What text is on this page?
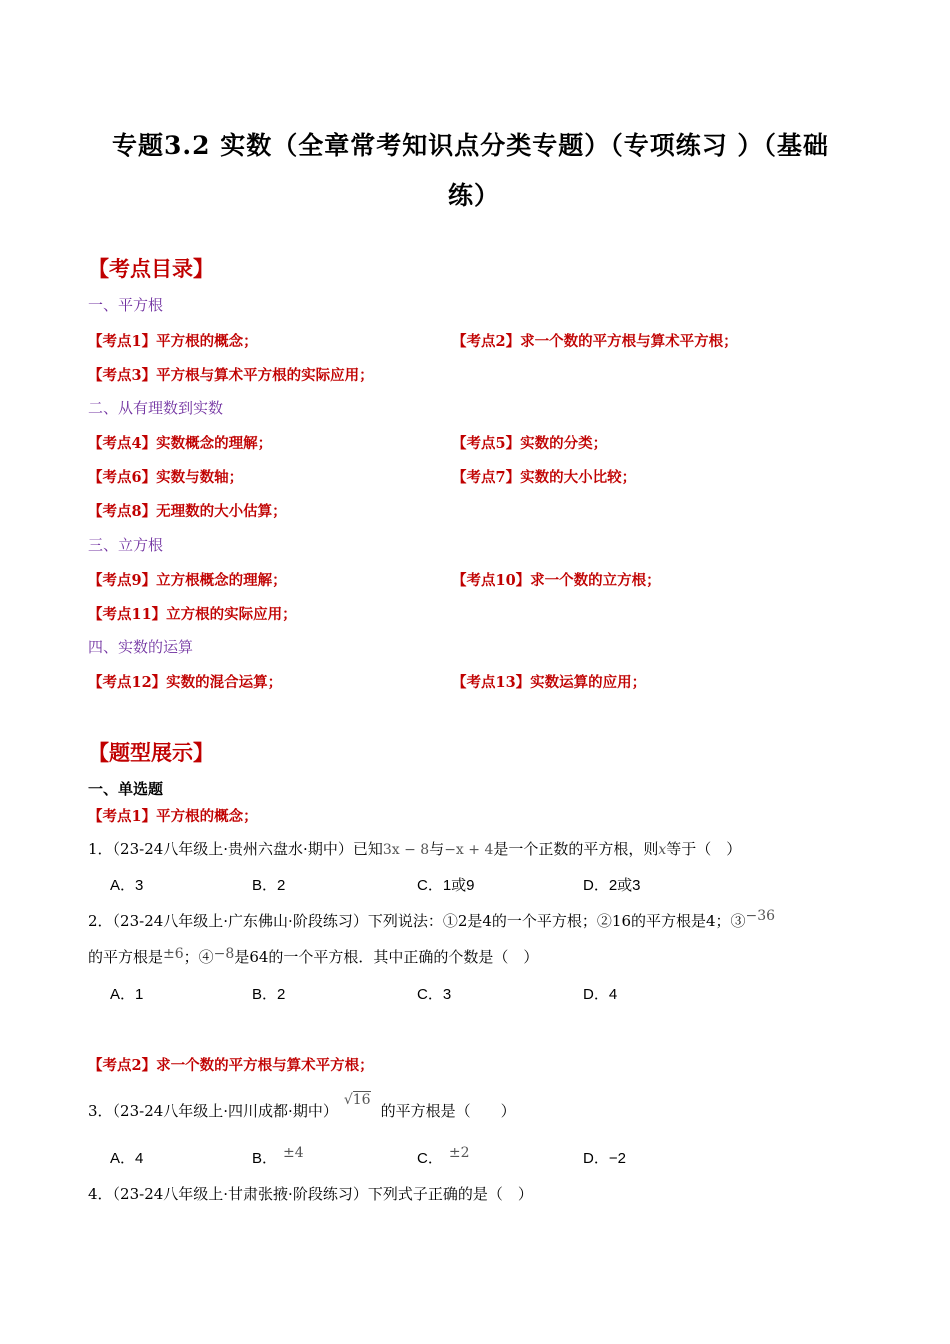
专题3.2 实数（全章常考知识点分类专题）（专项练习 ）（基础
练）
【考点目录】
一、平方根
【考点1】平方根的概念；	【考点2】求一个数的平方根与算术平方根；
【考点3】平方根与算术平方根的实际应用；
二、从有理数到实数
【考点4】实数概念的理解；	【考点5】实数的分类；
【考点6】实数与数轴；	【考点7】实数的大小比较；
【考点8】无理数的大小估算；
三、立方根
【考点9】立方根概念的理解；	【考点10】求一个数的立方根；
【考点11】立方根的实际应用；
四、实数的运算
【考点12】实数的混合运算；	【考点13】实数运算的应用；
【题型展示】
一、单选题
【考点1】平方根的概念；
1．（23-24八年级上·贵州六盘水·期中）已知3x − 8与−x + 4是一个正数的平方根，则x等于（　）
A．3	B．2	C．1或9	D．2或3
2．（23-24八年级上·广东佛山·阶段练习）下列说法：①2是4的一个平方根；②16的平方根是4；③−36
的平方根是±6；④−8是64的一个平方根．其中正确的个数是（　）
A．1	B．2	C．3	D．4
【考点2】求一个数的平方根与算术平方根；
3．（23-24八年级上·四川成都·期中）√16的平方根是（　　）
A．4	B． ±4	C． ±2	D．−2
4．（23-24八年级上·甘肃张掖·阶段练习）下列式子正确的是（　）
